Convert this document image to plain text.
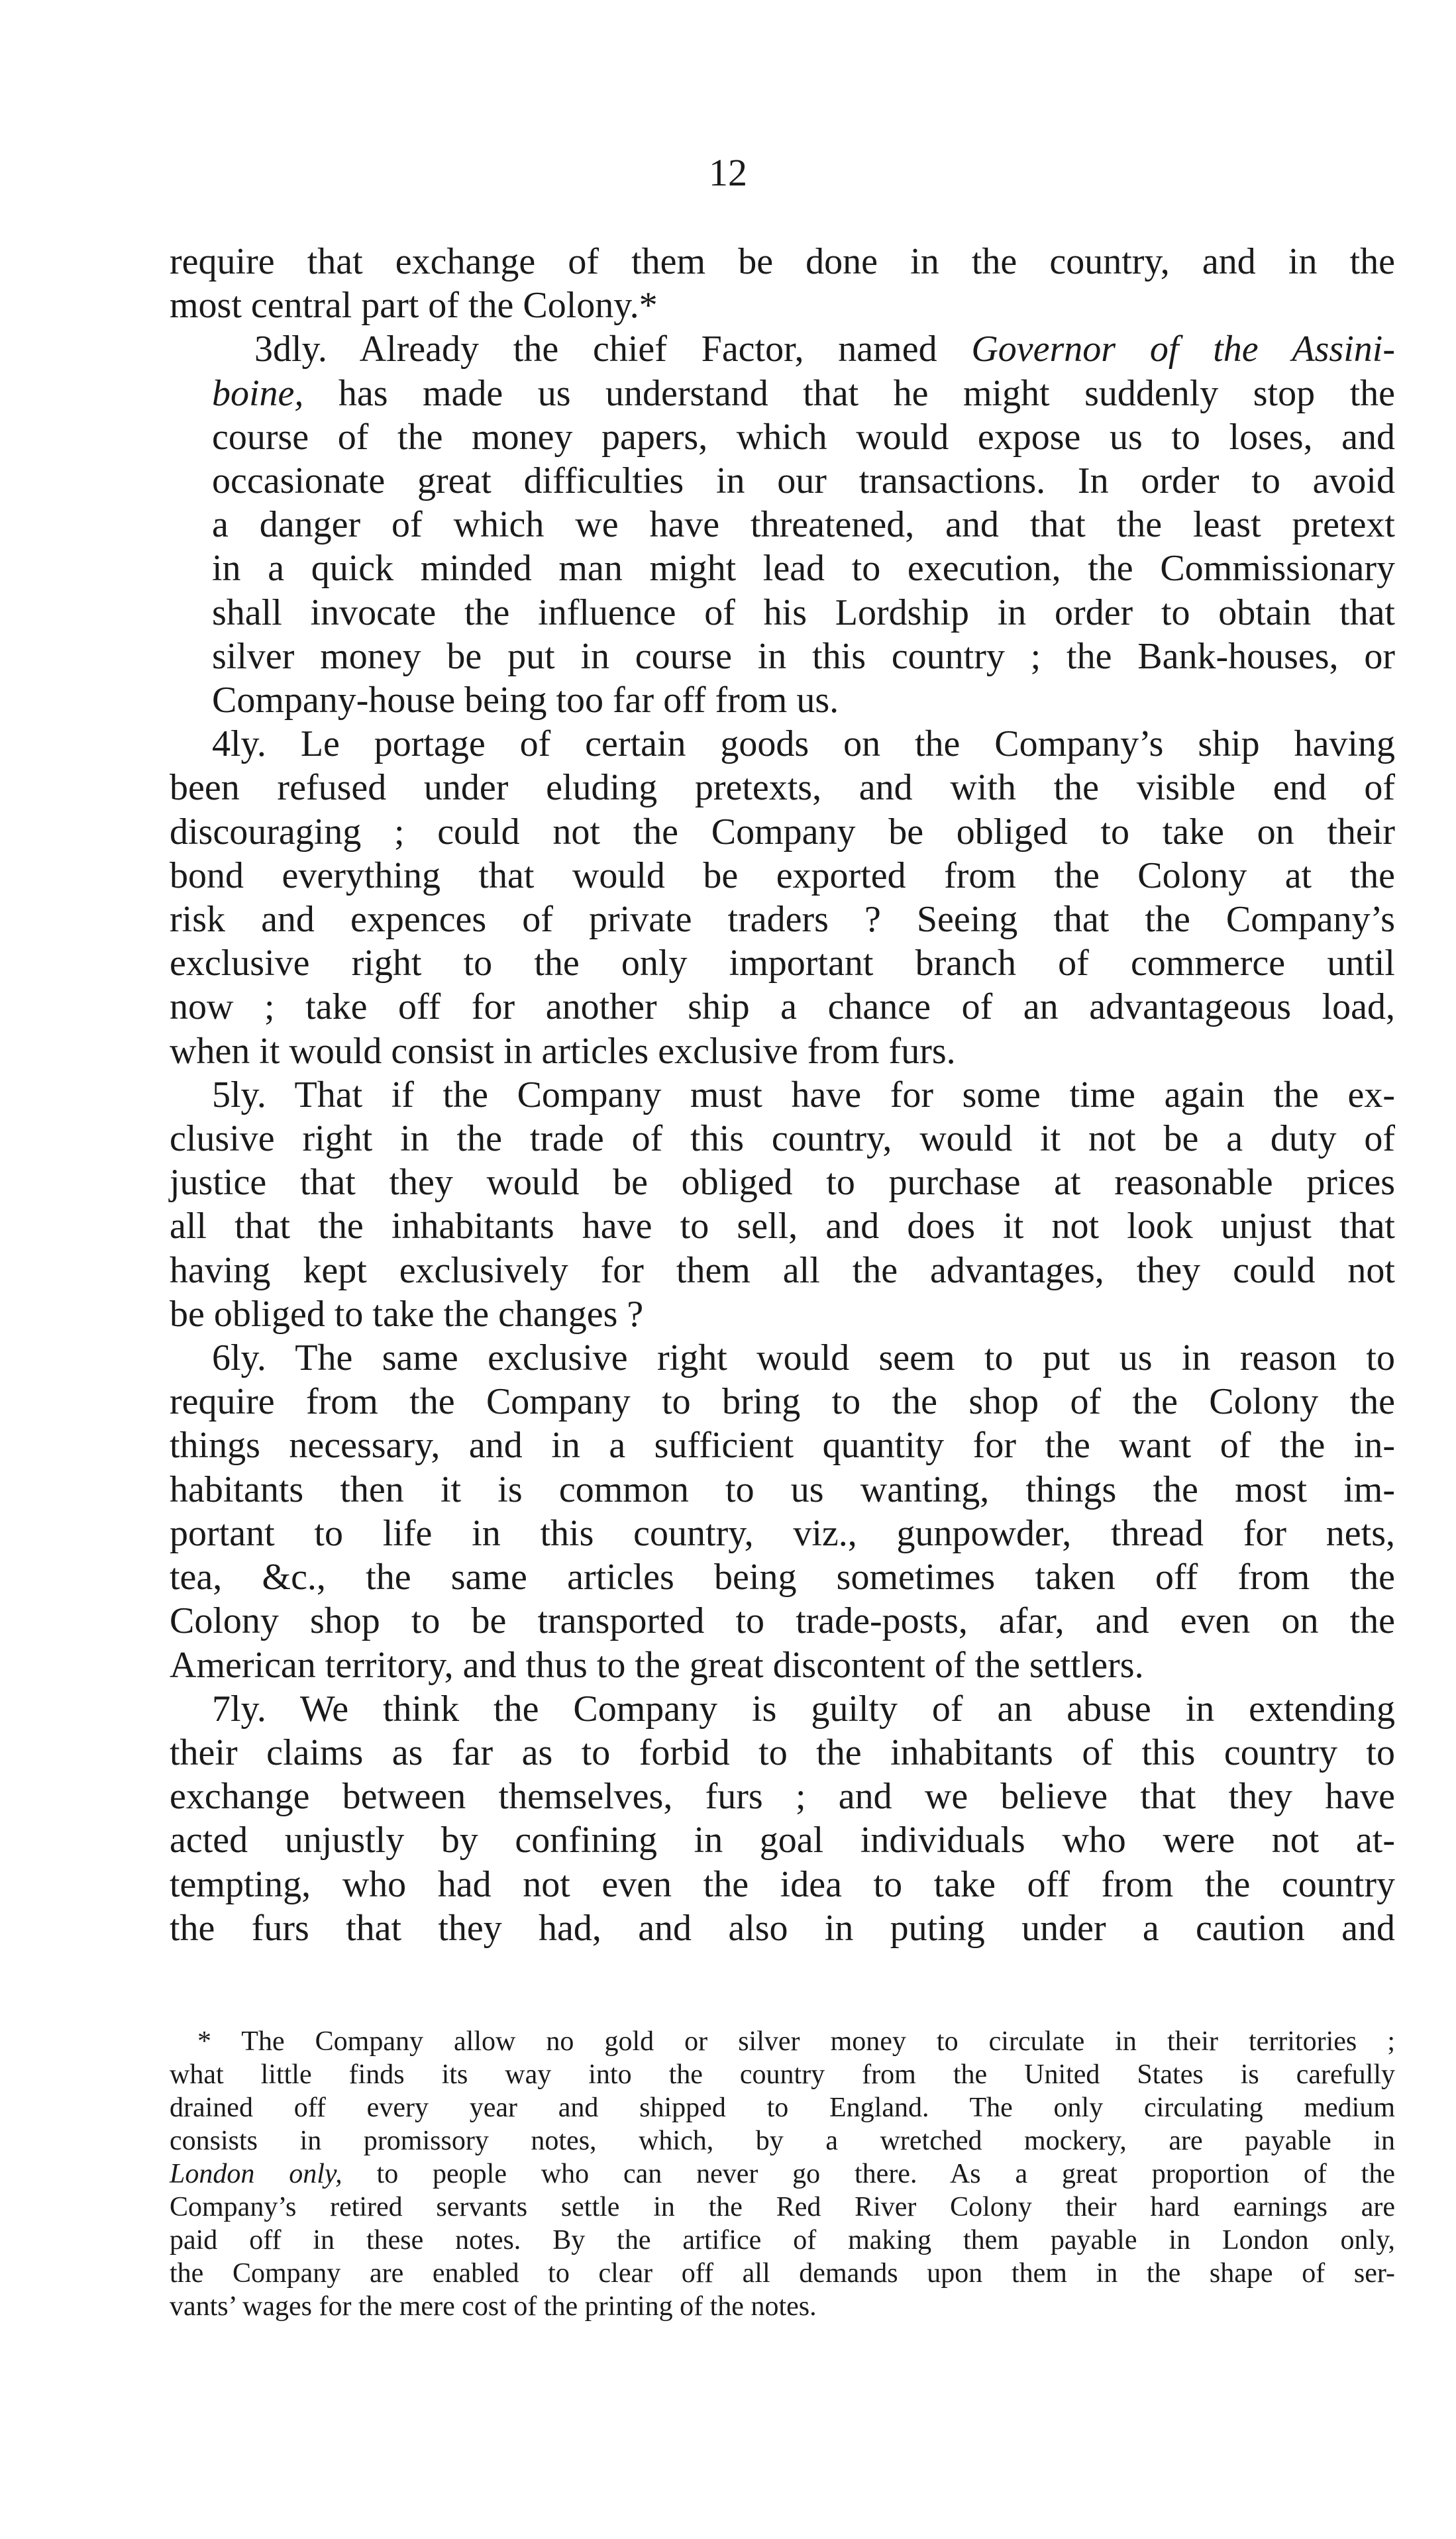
12

require that exchange of them be done in the country, and in the
most central part of the Colony.*

3dly. Already the chief Factor, named Governor of the Assini-
boine, has made us understand that he might suddenly stop the
course of the money papers, which would expose us to loses, and
occasionate great difficulties in our transactions. In order to avoid
a danger of which we have threatened, and that the least pretext
in a quick minded man might lead to execution, the Commissionary
shall invocate the influence of his Lordship in order to obtain that
silver money be put in course in this country ; the Bank-houses, or
Company-house being too far off from us.

4ly. Le portage of certain goods on the Company’s ship having
been refused under eluding pretexts, and with the visible end of
discouraging ; could not the Company be obliged to take on their
bond everything that would be exported from the Colony at the
risk and expences of private traders ? Seeing that the Company’s
exclusive right to the only important branch of commerce until
now ; take off for another ship a chance of an advantageous load,
when it would consist in articles exclusive from furs.

5ly. That if the Company must have for some time again the ex-
clusive right in the trade of this country, would it not be a duty of
justice that they would be obliged to purchase at reasonable prices
all that the inhabitants have to sell, and does it not look unjust that
having kept exclusively for them all the advantages, they could not
be obliged to take the changes ?

6ly. The same exclusive right would seem to put us in reason to
require from the Company to bring to the shop of the Colony the
things necessary, and in a sufficient quantity for the want of the in-
habitants then it is common to us wanting, things the most im-
portant to life in this country, viz., gunpowder, thread for nets,
tea, &c., the same articles being sometimes taken off from the
Colony shop to be transported to trade-posts, afar, and even on the
American territory, and thus to the great discontent of the settlers.

7ly. We think the Company is guilty of an abuse in extending
their claims as far as to forbid to the inhabitants of this country to
exchange between themselves, furs ; and we believe that they have
acted unjustly by confining in goal individuals who were not at-
tempting, who had not even the idea to take off from the country
the furs that they had, and also in puting under a caution and

* The Company allow no gold or silver money to circulate in their territories ;
what little finds its way into the country from the United States is carefully
drained off every year and shipped to England. The only circulating medium
consists in promissory notes, which, by a wretched mockery, are payable in
London only, to people who can never go there. As a great proportion of the
Company’s retired servants settle in the Red River Colony their hard earnings are
paid off in these notes. By the artifice of making them payable in London only,
the Company are enabled to clear off all demands upon them in the shape of ser-
vants’ wages for the mere cost of the printing of the notes.
